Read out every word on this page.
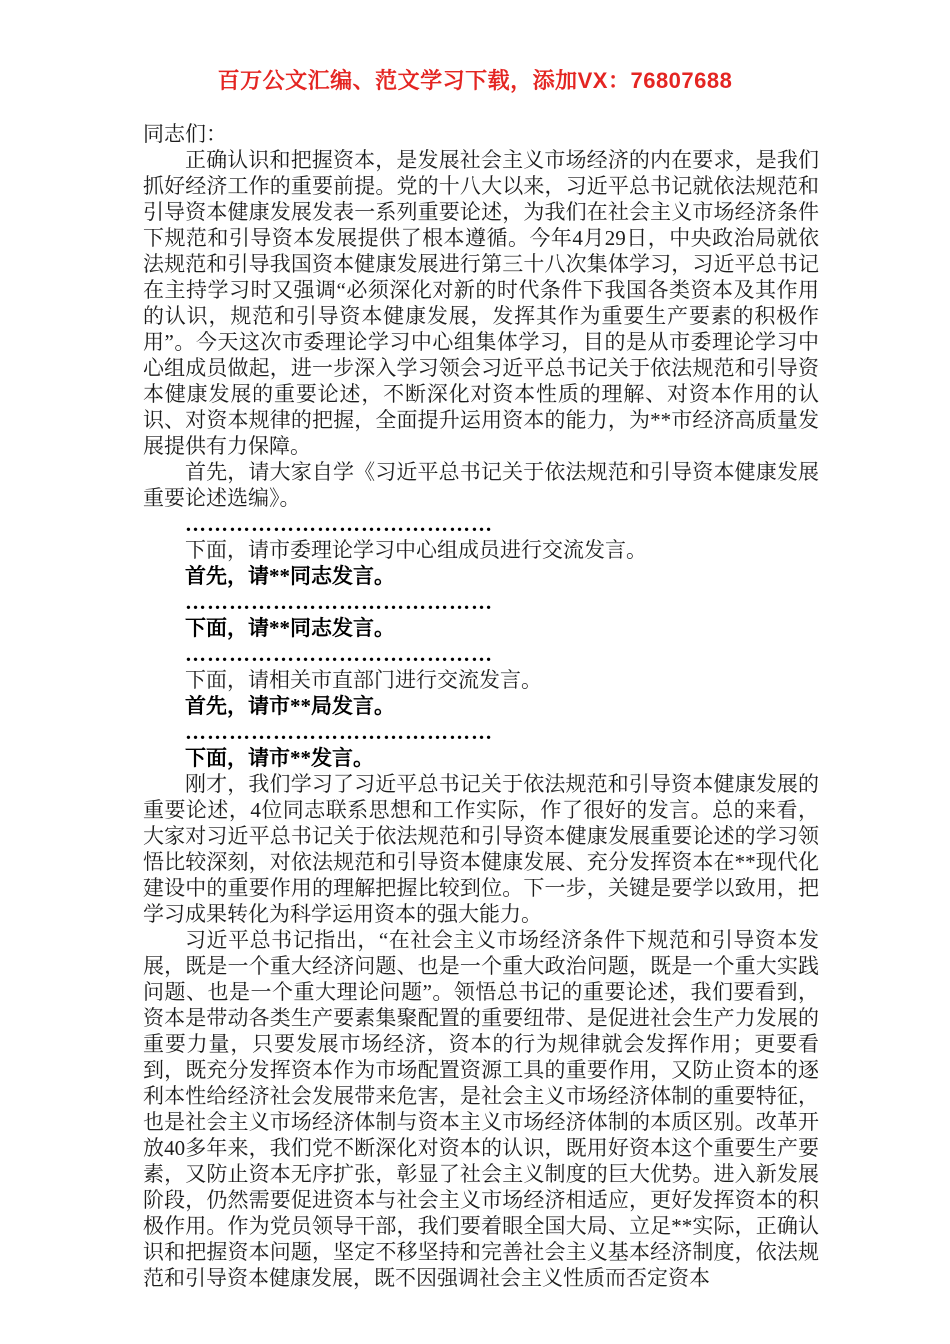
百万公文汇编、范文学习下载，添加VX：76807688

同志们：

正确认识和把握资本，是发展社会主义市场经济的内在要求，是我们抓好经济工作的重要前提。党的十八大以来，习近平总书记就依法规范和引导资本健康发展发表一系列重要论述，为我们在社会主义市场经济条件下规范和引导资本发展提供了根本遵循。今年4月29日，中央政治局就依法规范和引导我国资本健康发展进行第三十八次集体学习，习近平总书记在主持学习时又强调“必须深化对新的时代条件下我国各类资本及其作用的认识，规范和引导资本健康发展，发挥其作为重要生产要素的积极作用”。今天这次市委理论学习中心组集体学习，目的是从市委理论学习中心组成员做起，进一步深入学习领会习近平总书记关于依法规范和引导资本健康发展的重要论述，不断深化对资本性质的理解、对资本作用的认识、对资本规律的把握，全面提升运用资本的能力，为**市经济高质量发展提供有力保障。

首先，请大家自学《习近平总书记关于依法规范和引导资本健康发展重要论述选编》。

……………………………………

下面，请市委理论学习中心组成员进行交流发言。

首先，请**同志发言。

……………………………………

下面，请**同志发言。

……………………………………

下面，请相关市直部门进行交流发言。

首先，请市**局发言。

……………………………………

下面，请市**发言。

刚才，我们学习了习近平总书记关于依法规范和引导资本健康发展的重要论述，4位同志联系思想和工作实际，作了很好的发言。总的来看，大家对习近平总书记关于依法规范和引导资本健康发展重要论述的学习领悟比较深刻，对依法规范和引导资本健康发展、充分发挥资本在**现代化建设中的重要作用的理解把握比较到位。下一步，关键是要学以致用，把学习成果转化为科学运用资本的强大能力。

习近平总书记指出，“在社会主义市场经济条件下规范和引导资本发展，既是一个重大经济问题、也是一个重大政治问题，既是一个重大实践问题、也是一个重大理论问题”。领悟总书记的重要论述，我们要看到，资本是带动各类生产要素集聚配置的重要纽带、是促进社会生产力发展的重要力量，只要发展市场经济，资本的行为规律就会发挥作用；更要看到，既充分发挥资本作为市场配置资源工具的重要作用，又防止资本的逐利本性给经济社会发展带来危害，是社会主义市场经济体制的重要特征，也是社会主义市场经济体制与资本主义市场经济体制的本质区别。改革开放40多年来，我们党不断深化对资本的认识，既用好资本这个重要生产要素，又防止资本无序扩张，彰显了社会主义制度的巨大优势。进入新发展阶段，仍然需要促进资本与社会主义市场经济相适应，更好发挥资本的积极作用。作为党员领导干部，我们要着眼全国大局、立足**实际，正确认识和把握资本问题，坚定不移坚持和完善社会主义基本经济制度，依法规范和引导资本健康发展，既不因强调社会主义性质而否定资本
